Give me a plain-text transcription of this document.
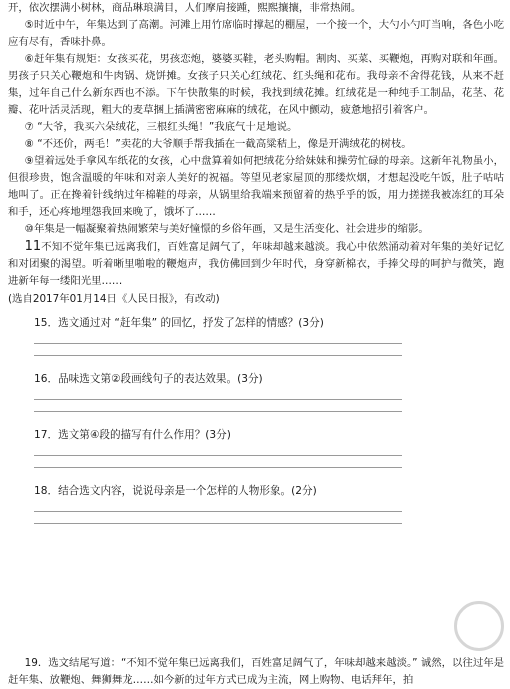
开，依次摆满小树林，商品琳琅满目，人们摩肩接踵，熙熙攘攘，非常热闹。

⑤时近中午，年集达到了高潮。河滩上用竹席临时撑起的棚屋，一个接一个，大勺小勺叮当响，各色小吃应有尽有，香味扑鼻。

⑥赶年集有规矩：女孩买花，男孩恋炮，婆婆买鞋，老头购帽。割肉、买菜、买鞭炮，再购对联和年画。男孩子只关心鞭炮和牛肉锅、烧饼摊。女孩子只关心红绒花、红头绳和花布。我母亲不舍得花钱，从来不赶集，过年自己什么新东西也不添。下午快散集的时候，我找到绒花摊。红绒花是一种纯手工制品，花茎、花瓣、花叶活灵活现，粗大的麦草捆上插满密密麻麻的绒花，在风中颤动，疲惫地招引着客户。

⑦ “大爷，我买六朵绒花，三根红头绳！”我底气十足地说。

⑧ “不还价，两毛！”卖花的大爷顺手帮我插在一截高粱秸上，像是开满绒花的树枝。

⑨望着远处手拿风车纸花的女孩，心中盘算着如何把绒花分给妹妹和操劳忙碌的母亲。这新年礼物虽小，但很珍贵，饱含温暖的年味和对亲人美好的祝福。等望见老家屋顶的那缕炊烟，才想起没吃午饭，肚子咕咕地叫了。正在搀着针线纳过年棉鞋的母亲，从锅里给我端来预留着的热乎乎的饭，用力搓搓我被冻红的耳朵和手，还心疼地埋怨我回来晚了，饿坏了……

⑩年集是一幅凝聚着热闹繁荣与美好憧憬的乡俗年画，又是生活变化、社会进步的缩影。

11不知不觉年集已远离我们，百姓富足阔气了，年味却越来越淡。我心中依然涌动着对年集的美好记忆和对团聚的渴望。听着晰里啪啦的鞭炮声，我仿佛回到少年时代，身穿新棉衣，手捧父母的呵护与微笑，跑进新年每一缕阳光里……

(选自2017年01月14日《人民日报》，有改动)

15．选文通过对 “赶年集” 的回忆，抒发了怎样的情感？(3分)
16．品味选文第②段画线句子的表达效果。(3分)
17．选文第④段的描写有什么作用？(3分)
18．结合选文内容，说说母亲是一个怎样的人物形象。(2分)

19．选文结尾写道：“不知不觉年集已远离我们，百姓富足阔气了，年味却越来越淡。” 诚然，以往过年是赶年集、放鞭炮、舞狮舞龙……如今新的过年方式已成为主流，网上购物、电话拜年，拍
